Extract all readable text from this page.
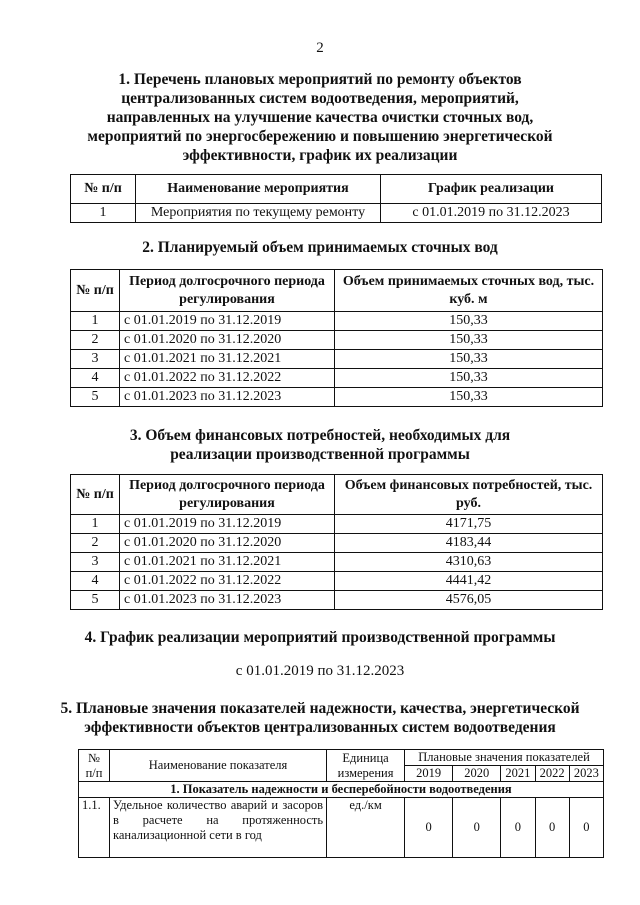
2
1. Перечень плановых мероприятий по ремонту объектов
централизованных систем водоотведения, мероприятий,
направленных на улучшение качества очистки сточных вод,
мероприятий по энергосбережению и повышению энергетической
эффективности, график их реализации
№ п/п	Наименование мероприятия	График реализации
1	Мероприятия по текущему ремонту	с 01.01.2019 по 31.12.2023
2. Планируемый объем принимаемых сточных вод
№ п/п	Период долгосрочного периода регулирования	Объем принимаемых сточных вод, тыс. куб. м
1	с 01.01.2019 по 31.12.2019	150,33
2	с 01.01.2020 по 31.12.2020	150,33
3	с 01.01.2021 по 31.12.2021	150,33
4	с 01.01.2022 по 31.12.2022	150,33
5	с 01.01.2023 по 31.12.2023	150,33
3. Объем финансовых потребностей, необходимых для
реализации производственной программы
№ п/п	Период долгосрочного периода регулирования	Объем финансовых потребностей, тыс. руб.
1	с 01.01.2019 по 31.12.2019	4171,75
2	с 01.01.2020 по 31.12.2020	4183,44
3	с 01.01.2021 по 31.12.2021	4310,63
4	с 01.01.2022 по 31.12.2022	4441,42
5	с 01.01.2023 по 31.12.2023	4576,05
4. График реализации мероприятий производственной программы
с 01.01.2019 по 31.12.2023
5. Плановые значения показателей надежности, качества, энергетической
эффективности объектов централизованных систем водоотведения
№ п/п	Наименование показателя	Единица измерения	Плановые значения показателей				
			2019	2020	2021	2022	2023
1. Показатель надежности и бесперебойности водоотведения							
1.1.	Удельное количество аварий и засоров в расчете на протяженность канализационной сети в год	ед./км	0	0	0	0	0
